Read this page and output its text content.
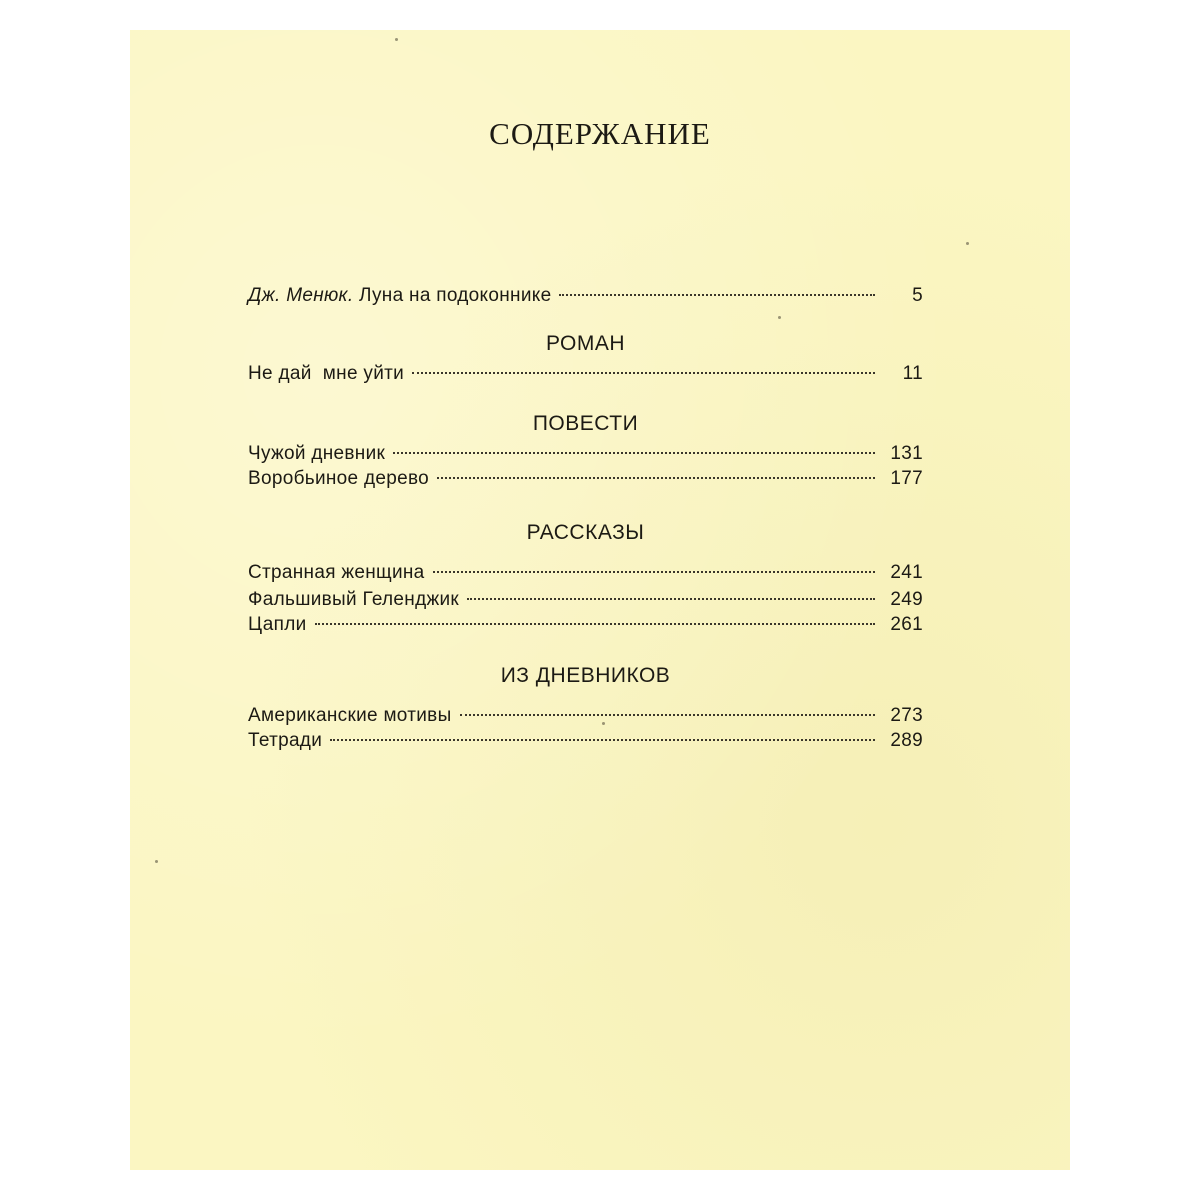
СОДЕРЖАНИЕ
Дж. Менюк. Луна на подоконнике	5
РОМАН
Не дай  мне уйти	11
ПОВЕСТИ
Чужой дневник	131
Воробьиное дерево	177
РАССКАЗЫ
Странная женщина	241
Фальшивый Геленджик	249
Цапли	261
ИЗ ДНЕВНИКОВ
Американские мотивы	273
Тетради	289
